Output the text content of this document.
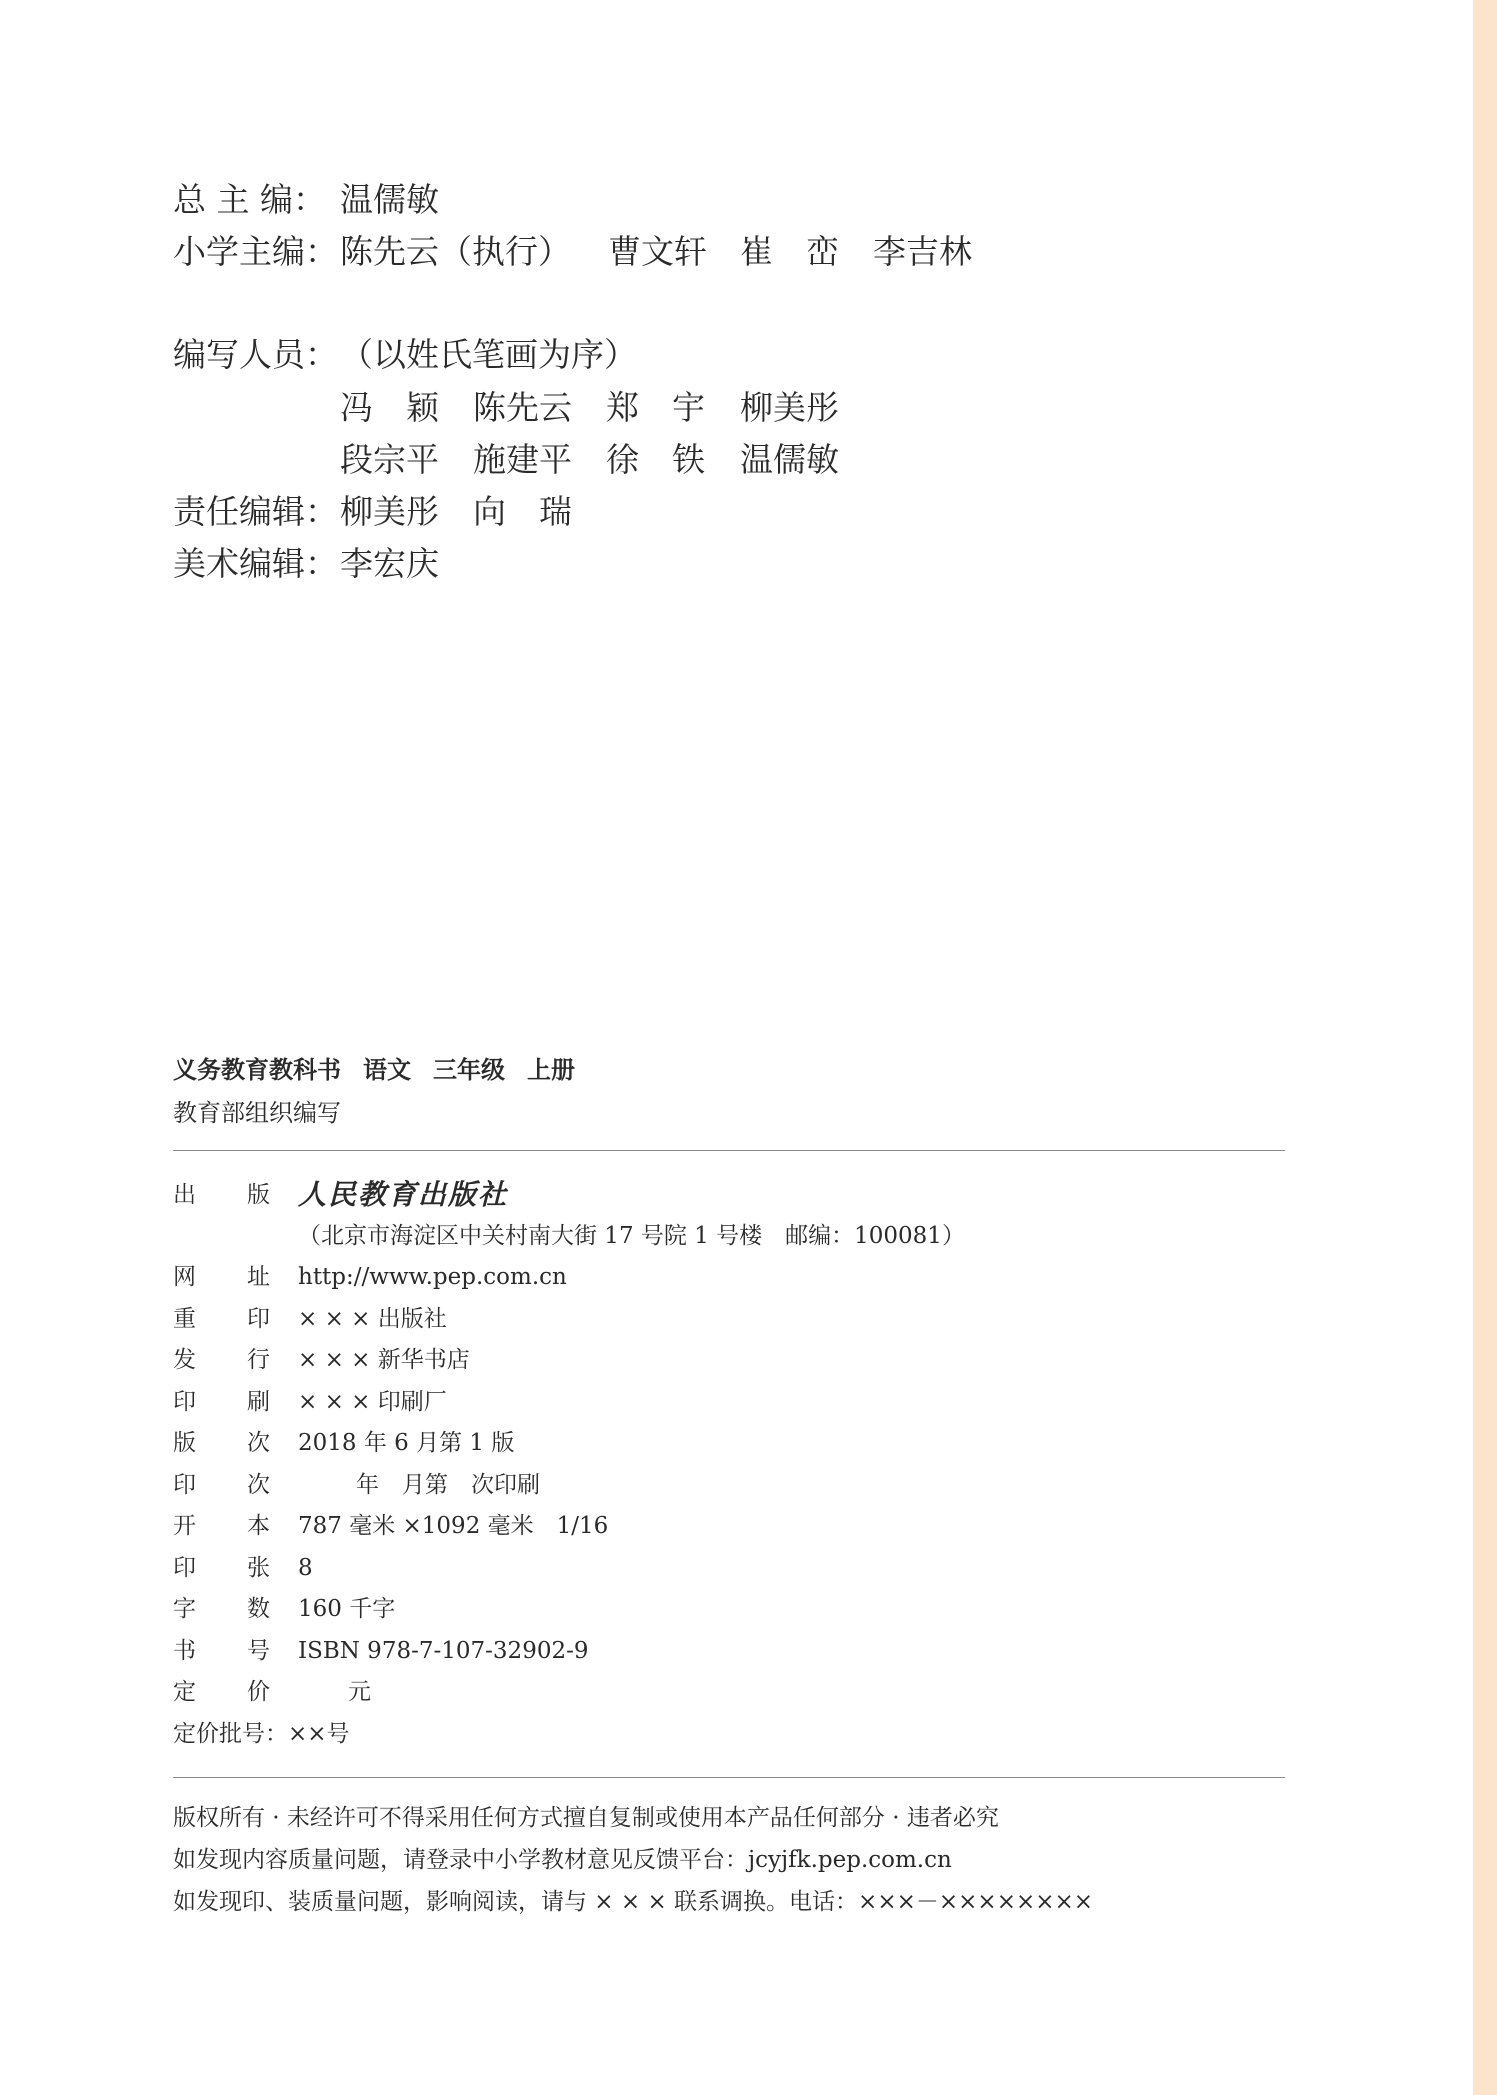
总 主 编： 温儒敏
小学主编： 陈先云（执行） 曹文轩 崔　峦 李吉林
编写人员： （以姓氏笔画为序）
冯　颖 陈先云 郑　宇 柳美彤
段宗平 施建平 徐　铁 温儒敏
责任编辑： 柳美彤 向　瑞
美术编辑： 李宏庆
义务教育教科书 语文 三年级 上册
教育部组织编写
出 版 人民教育出版社
（北京市海淀区中关村南大街 17 号院 1 号楼　邮编：100081）
网 址 http://www.pep.com.cn
重 印 × × × 出版社
发 行 × × × 新华书店
印 刷 × × × 印刷厂
版 次 2018 年 6 月第 1 版
印 次	年　月第　次印刷
开 本 787 毫米 ×1092 毫米　1/16
印 张 8
字 数 160 千字
书 号 ISBN 978-7-107-32902-9
定 价	元
定价批号：××号
版权所有 · 未经许可不得采用任何方式擅自复制或使用本产品任何部分 · 违者必究
如发现内容质量问题，请登录中小学教材意见反馈平台：jcyjfk.pep.com.cn
如发现印、装质量问题，影响阅读，请与 × × × 联系调换。电话：×××－××××××××
